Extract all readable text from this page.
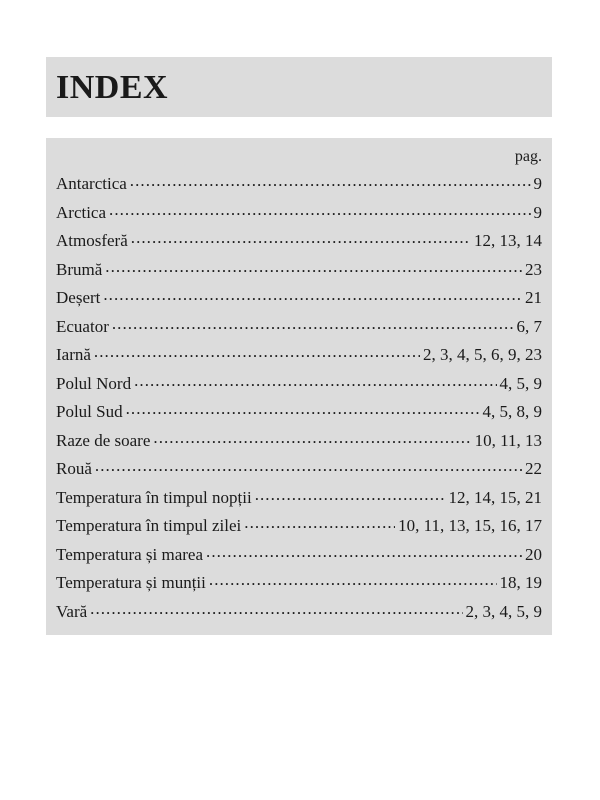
INDEX
pag.
Antarctica . . .	9
Arctica . . .	9
Atmosferă . . .	12, 13, 14
Brumă . . .	23
Deșert . . .	21
Ecuator . . .	6, 7
Iarnă . . .	2, 3, 4, 5, 6, 9, 23
Polul Nord . . .	4, 5, 9
Polul Sud . . .	4, 5, 8, 9
Raze de soare . . .	10, 11, 13
Rouă . . .	22
Temperatura în timpul nopții . . .	12, 14, 15, 21
Temperatura în timpul zilei . . .	10, 11, 13, 15, 16, 17
Temperatura și marea . . .	20
Temperatura și munții . . .	18, 19
Vară . . .	2, 3, 4, 5, 9
